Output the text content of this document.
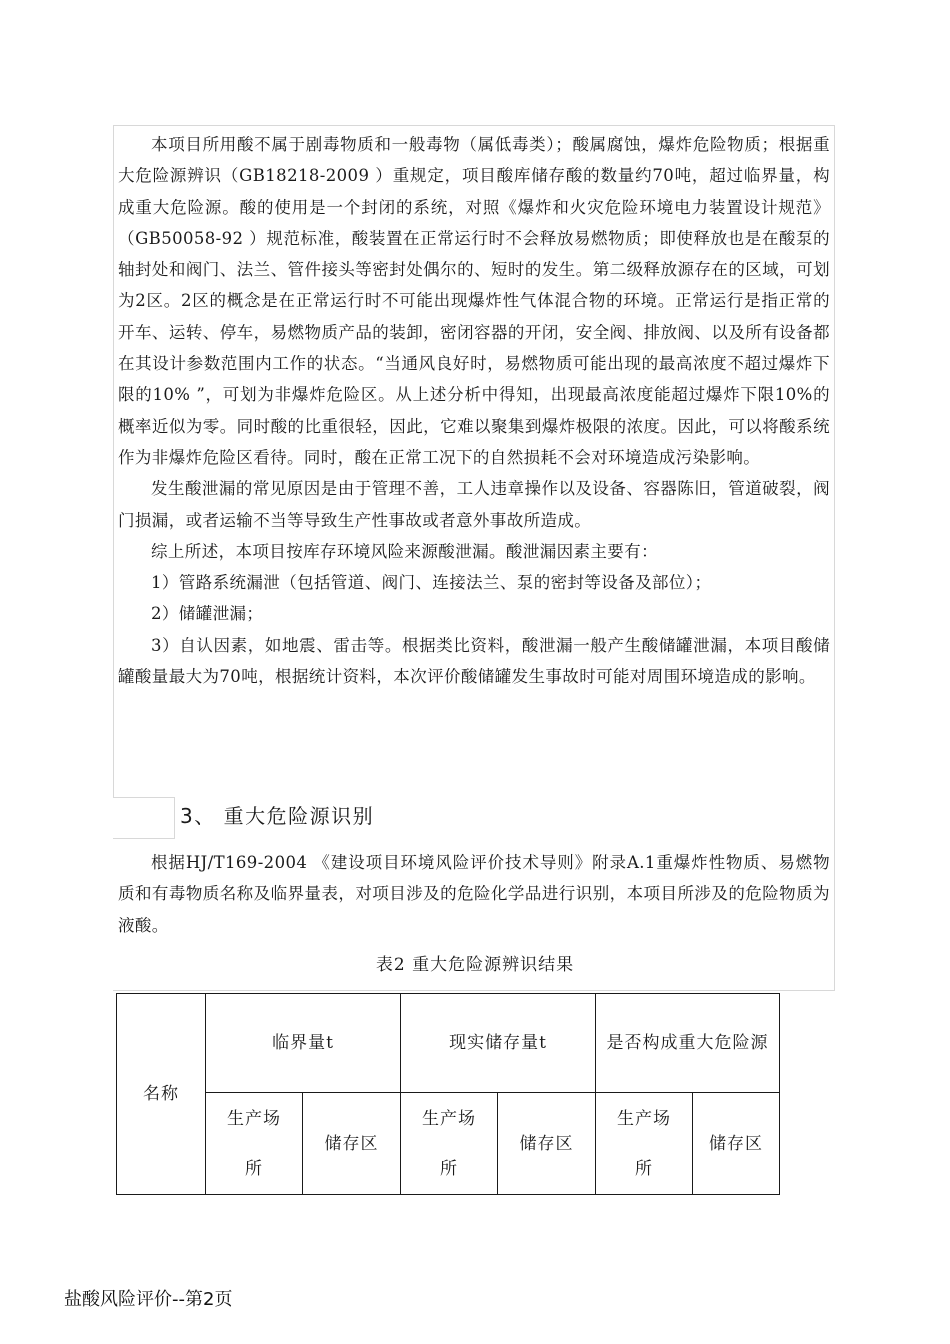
本项目所用酸不属于剧毒物质和一般毒物（属低毒类）；酸属腐蚀，爆炸危险物质；根据重大危险源辨识（GB18218-2009 ）重规定，项目酸库储存酸的数量约70吨，超过临界量，构成重大危险源。酸的使用是一个封闭的系统，对照《爆炸和火灾危险环境电力装置设计规范》（GB50058-92 ）规范标准，酸装置在正常运行时不会释放易燃物质；即使释放也是在酸泵的轴封处和阀门、法兰、管件接头等密封处偶尔的、短时的发生。第二级释放源存在的区域，可划为2区。2区的概念是在正常运行时不可能出现爆炸性气体混合物的环境。正常运行是指正常的开车、运转、停车，易燃物质产品的装卸，密闭容器的开闭，安全阀、排放阀、以及所有设备都在其设计参数范围内工作的状态。“当通风良好时，易燃物质可能出现的最高浓度不超过爆炸下限的10% ”，可划为非爆炸危险区。从上述分析中得知，出现最高浓度能超过爆炸下限10%的概率近似为零。同时酸的比重很轻，因此，它难以聚集到爆炸极限的浓度。因此，可以将酸系统作为非爆炸危险区看待。同时，酸在正常工况下的自然损耗不会对环境造成污染影响。

发生酸泄漏的常见原因是由于管理不善，工人违章操作以及设备、容器陈旧，管道破裂，阀门损漏，或者运输不当等导致生产性事故或者意外事故所造成。

综上所述，本项目按库存环境风险来源酸泄漏。酸泄漏因素主要有：

1）管路系统漏泄（包括管道、阀门、连接法兰、泵的密封等设备及部位）；

2）储罐泄漏；

3）自认因素，如地震、雷击等。根据类比资料，酸泄漏一般产生酸储罐泄漏，本项目酸储罐酸量最大为70吨，根据统计资料，本次评价酸储罐发生事故时可能对周围环境造成的影响。

3、 重大危险源识别

根据HJ/T169-2004 《建设项目环境风险评价技术导则》附录A.1重爆炸性物质、易燃物质和有毒物质名称及临界量表，对项目涉及的危险化学品进行识别，本项目所涉及的危险物质为液酸。

表2 重大危险源辨识结果
名称	临界量t		现实储存量t		是否构成重大危险源	
	生产场所	储存区	生产场所	储存区	生产场所	储存区
盐酸风险评价--第2页
